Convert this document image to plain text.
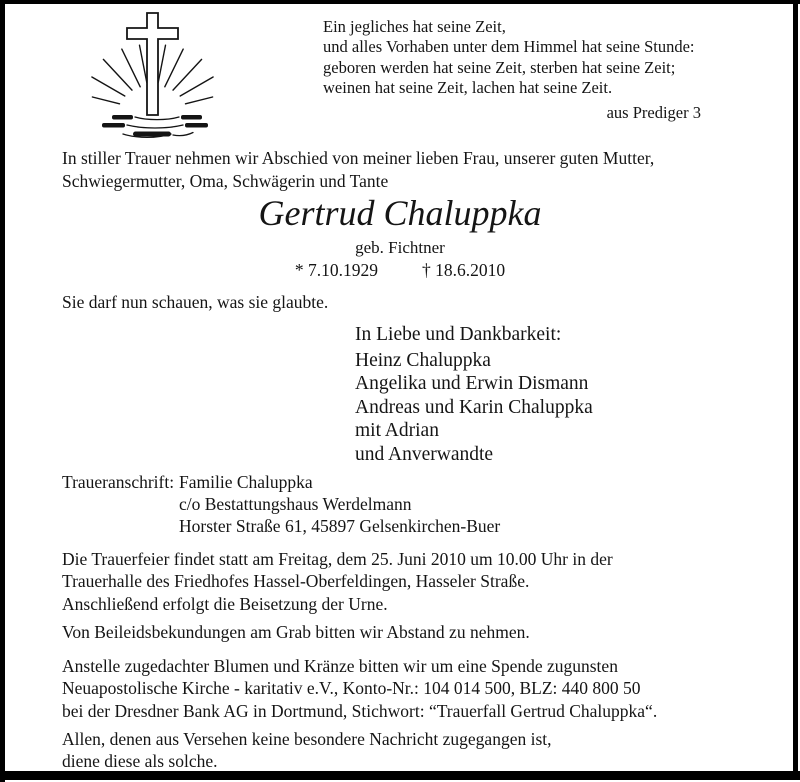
Ein jegliches hat seine Zeit,
und alles Vorhaben unter dem Himmel hat seine Stunde:
geboren werden hat seine Zeit, sterben hat seine Zeit;
weinen hat seine Zeit, lachen hat seine Zeit.
aus Prediger 3
In stiller Trauer nehmen wir Abschied von meiner lieben Frau, unserer guten Mutter,
Schwiegermutter, Oma, Schwägerin und Tante
Gertrud Chaluppka
geb. Fichtner
* 7.10.1929	† 18.6.2010
Sie darf nun schauen, was sie glaubte.
In Liebe und Dankbarkeit:
Heinz Chaluppka
Angelika und Erwin Dismann
Andreas und Karin Chaluppka
mit Adrian
und Anverwandte
Traueranschrift: Familie Chaluppka
c/o Bestattungshaus Werdelmann
Horster Straße 61, 45897 Gelsenkirchen-Buer
Die Trauerfeier findet statt am Freitag, dem 25. Juni 2010 um 10.00 Uhr in der
Trauerhalle des Friedhofes Hassel-Oberfeldingen, Hasseler Straße.
Anschließend erfolgt die Beisetzung der Urne.
Von Beileidsbekundungen am Grab bitten wir Abstand zu nehmen.
Anstelle zugedachter Blumen und Kränze bitten wir um eine Spende zugunsten
Neuapostolische Kirche - karitativ e.V., Konto-Nr.: 104 014 500, BLZ: 440 800 50
bei der Dresdner Bank AG in Dortmund, Stichwort: “Trauerfall Gertrud Chaluppka“.
Allen, denen aus Versehen keine besondere Nachricht zugegangen ist,
diene diese als solche.
